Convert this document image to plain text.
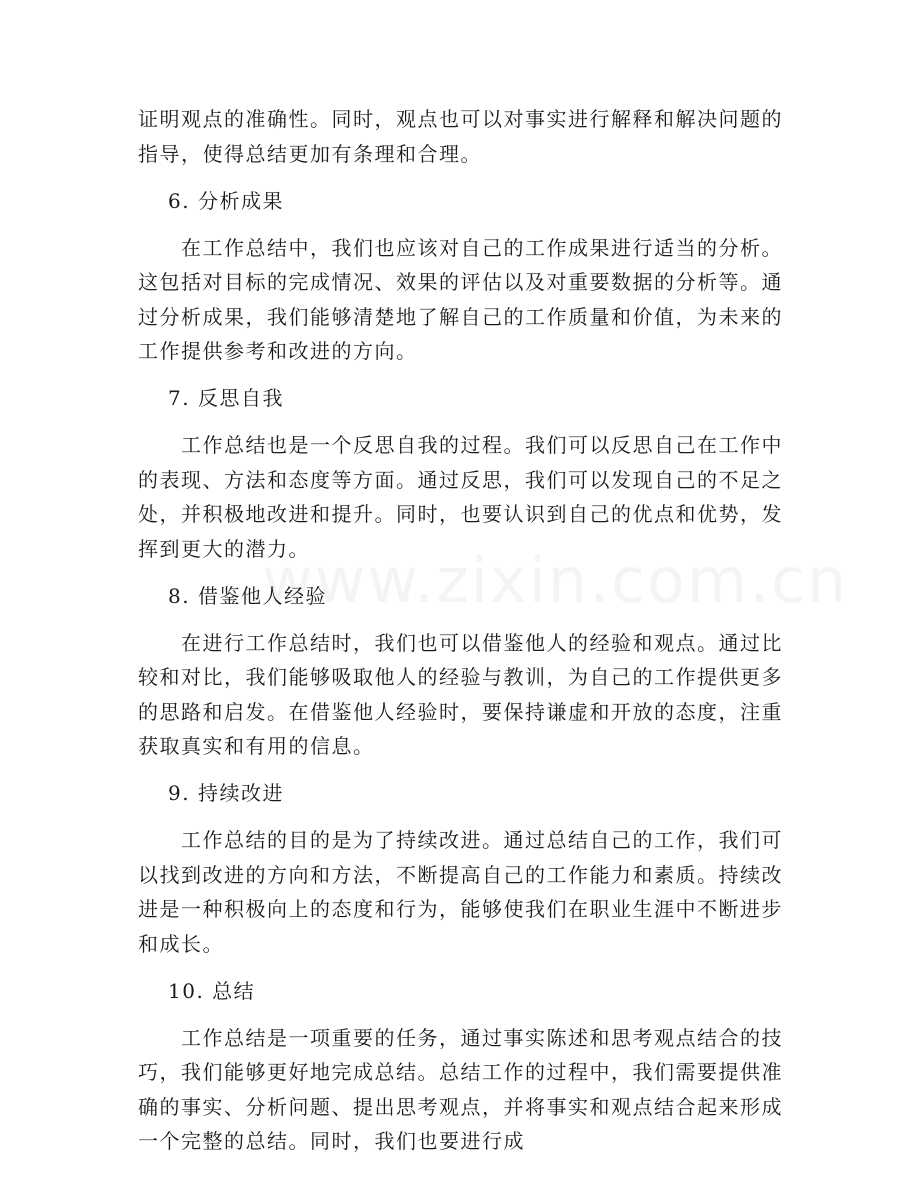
证明观点的准确性。同时，观点也可以对事实进行解释和解决问题的指导，使得总结更加有条理和合理。

6. 分析成果

在工作总结中，我们也应该对自己的工作成果进行适当的分析。这包括对目标的完成情况、效果的评估以及对重要数据的分析等。通过分析成果，我们能够清楚地了解自己的工作质量和价值，为未来的工作提供参考和改进的方向。

7. 反思自我

工作总结也是一个反思自我的过程。我们可以反思自己在工作中的表现、方法和态度等方面。通过反思，我们可以发现自己的不足之处，并积极地改进和提升。同时，也要认识到自己的优点和优势，发挥到更大的潜力。

8. 借鉴他人经验

在进行工作总结时，我们也可以借鉴他人的经验和观点。通过比较和对比，我们能够吸取他人的经验与教训，为自己的工作提供更多的思路和启发。在借鉴他人经验时，要保持谦虚和开放的态度，注重获取真实和有用的信息。

9. 持续改进

工作总结的目的是为了持续改进。通过总结自己的工作，我们可以找到改进的方向和方法，不断提高自己的工作能力和素质。持续改进是一种积极向上的态度和行为，能够使我们在职业生涯中不断进步和成长。

10. 总结

工作总结是一项重要的任务，通过事实陈述和思考观点结合的技巧，我们能够更好地完成总结。总结工作的过程中，我们需要提供准确的事实、分析问题、提出思考观点，并将事实和观点结合起来形成一个完整的总结。同时，我们也要进行成
